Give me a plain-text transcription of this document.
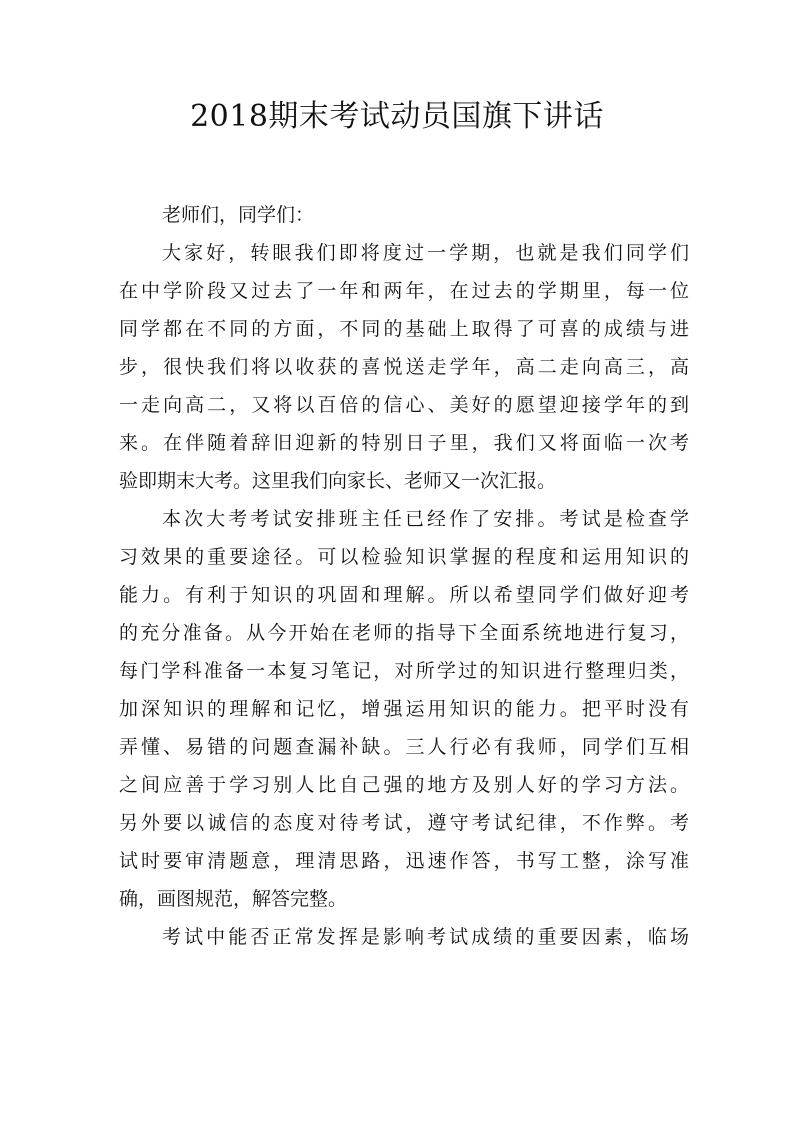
2018期末考试动员国旗下讲话

老师们，同学们：

大家好，转眼我们即将度过一学期，也就是我们同学们
在中学阶段又过去了一年和两年，在过去的学期里，每一位
同学都在不同的方面，不同的基础上取得了可喜的成绩与进
步，很快我们将以收获的喜悦送走学年，高二走向高三，高
一走向高二，又将以百倍的信心、美好的愿望迎接学年的到
来。在伴随着辞旧迎新的特别日子里，我们又将面临一次考
验即期末大考。这里我们向家长、老师又一次汇报。

本次大考考试安排班主任已经作了安排。考试是检查学
习效果的重要途径。可以检验知识掌握的程度和运用知识的
能力。有利于知识的巩固和理解。所以希望同学们做好迎考
的充分准备。从今开始在老师的指导下全面系统地进行复习，
每门学科准备一本复习笔记，对所学过的知识进行整理归类，
加深知识的理解和记忆，增强运用知识的能力。把平时没有
弄懂、易错的问题查漏补缺。三人行必有我师，同学们互相
之间应善于学习别人比自己强的地方及别人好的学习方法。
另外要以诚信的态度对待考试，遵守考试纪律，不作弊。考
试时要审清题意，理清思路，迅速作答，书写工整，涂写准
确，画图规范，解答完整。

考试中能否正常发挥是影响考试成绩的重要因素，临场
